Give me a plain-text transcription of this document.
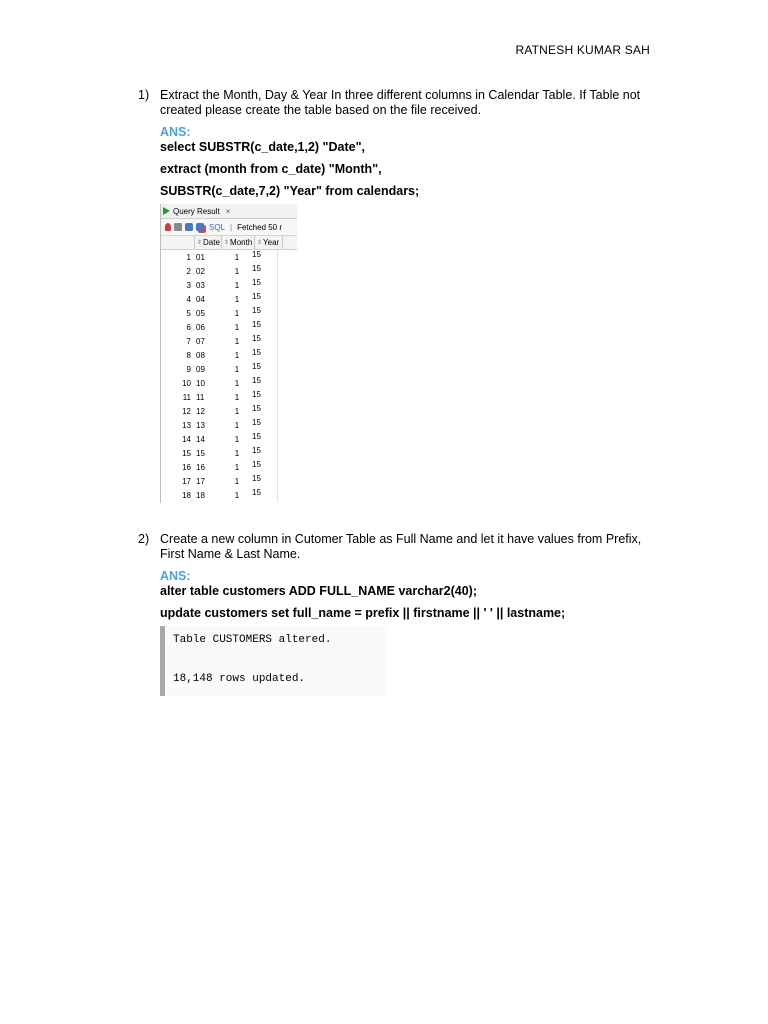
RATNESH KUMAR SAH
1) Extract the Month, Day & Year In three different columns in Calendar Table. If Table not created please create the table based on the file received.
ANS:
select SUBSTR(c_date,1,2) "Date",
extract (month from c_date) "Month",
SUBSTR(c_date,7,2) "Year" from calendars;
Query Result ×
SQL | Fetched 50 r
⇕ Date ⇕ Month ⇕ Year
1 01	1	15
2 02	1	15
3 03	1	15
4 04	1	15
5 05	1	15
6 06	1	15
7 07	1	15
8 08	1	15
9 09	1	15
10 10	1	15
11 11	1	15
12 12	1	15
13 13	1	15
14 14	1	15
15 15	1	15
16 16	1	15
17 17	1	15
18 18	1	15
2) Create a new column in Cutomer Table as Full Name and let it have values from Prefix, First Name & Last Name.
ANS:
alter table customers ADD FULL_NAME varchar2(40);
update customers set full_name = prefix || firstname || ' ' || lastname;
Table CUSTOMERS altered.
18,148 rows updated.
